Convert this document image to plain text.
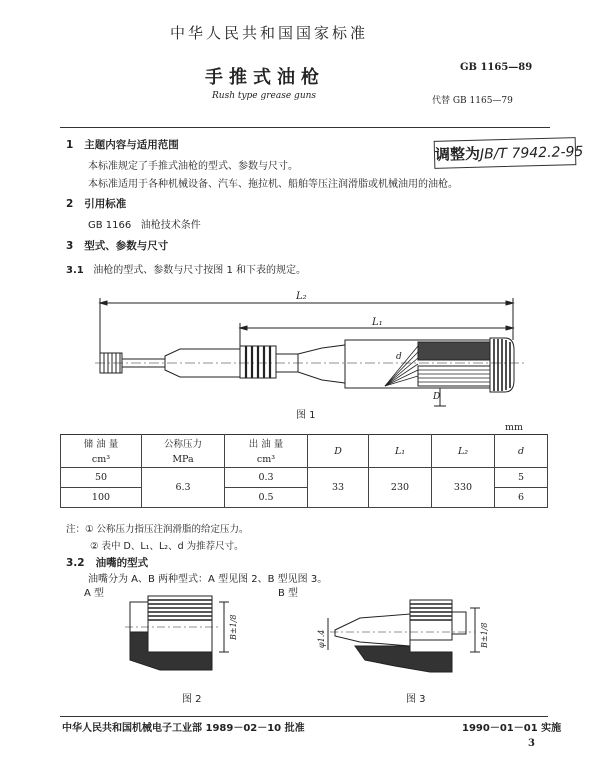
中华人民共和国国家标准
手推式油枪
Rush type grease guns
GB 1165—89
代替 GB 1165—79
调整为JB/T 7942.2-95
1 主题内容与适用范围
本标准规定了手推式油枪的型式、参数与尺寸。
本标准适用于各种机械设备、汽车、拖拉机、船舶等压注润滑脂或机械油用的油枪。
2 引用标准
GB 1166 油枪技术条件
3 型式、参数与尺寸
3.1 油枪的型式、参数与尺寸按图 1 和下表的规定。
L₂
L₁
d
D
图 1
mm
储 油 量	公称压力	出 油 量	D	L₁	L₂	d
cm³	MPa	cm³				
50	6.3	0.3	33	230	330	5
100		0.5				6
注：① 公称压力指压注润滑脂的给定压力。
② 表中 D、L₁、L₂、d 为推荐尺寸。
3.2 油嘴的型式
油嘴分为 A、B 两种型式：A 型见图 2、B 型见图 3。
A 型	B 型
B±1/8	φ1.4	B±1/8
图 2	图 3
中华人民共和国机械电子工业部 1989－02－10 批准	1990－01－01 实施
3
